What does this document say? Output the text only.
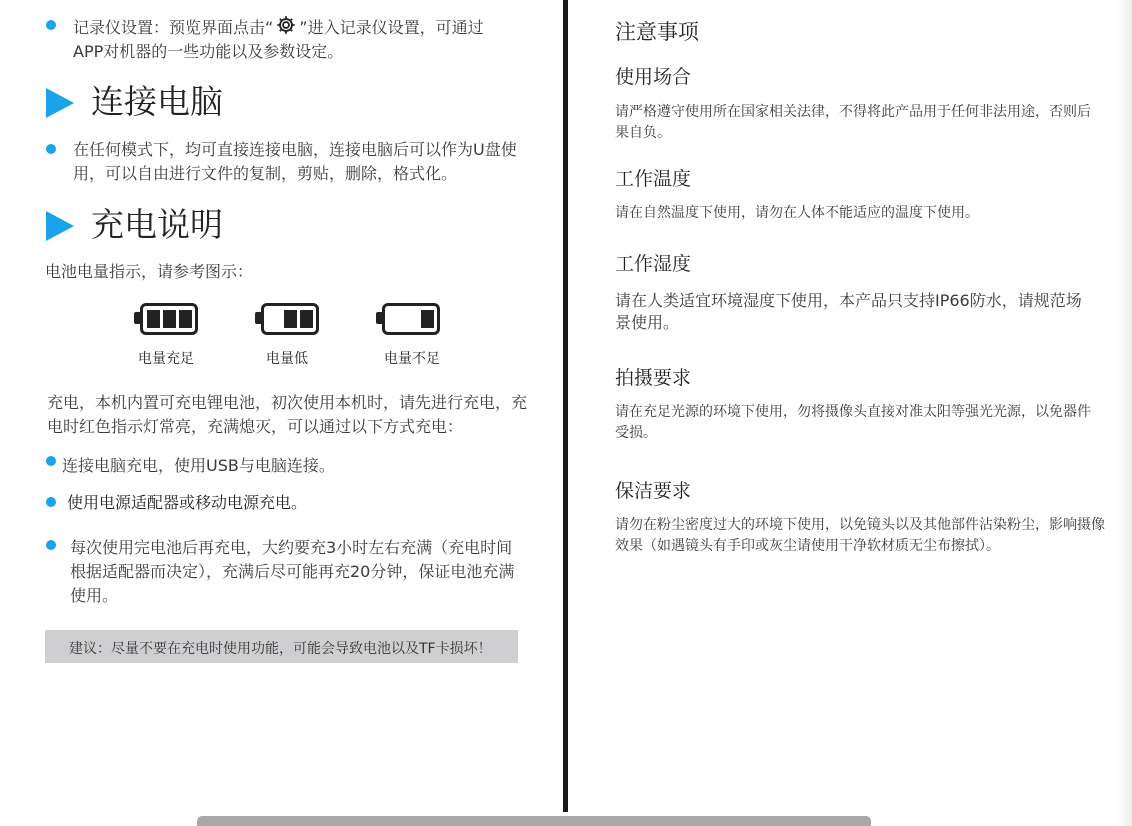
记录仪设置：预览界面点击“ ”进入记录仪设置，可通过
APP对机器的一些功能以及参数设定。
连接电脑
在任何模式下，均可直接连接电脑，连接电脑后可以作为U盘使用，可以自由进行文件的复制，剪贴，删除，格式化。
充电说明
电池电量指示，请参考图示：
电量充足	电量低	电量不足
充电，本机内置可充电锂电池，初次使用本机时，请先进行充电，充电时红色指示灯常亮，充满熄灭，可以通过以下方式充电：
连接电脑充电，使用USB与电脑连接。
使用电源适配器或移动电源充电。
每次使用完电池后再充电，大约要充3小时左右充满（充电时间根据适配器而决定），充满后尽可能再充20分钟，保证电池充满使用。
建议：尽量不要在充电时使用功能，可能会导致电池以及TF卡损坏！
注意事项
使用场合
请严格遵守使用所在国家相关法律，不得将此产品用于任何非法用途，否则后果自负。
工作温度
请在自然温度下使用，请勿在人体不能适应的温度下使用。
工作湿度
请在人类适宜环境湿度下使用，本产品只支持IP66防水，请规范场景使用。
拍摄要求
请在充足光源的环境下使用，勿将摄像头直接对准太阳等强光光源，以免器件受损。
保洁要求
请勿在粉尘密度过大的环境下使用，以免镜头以及其他部件沾染粉尘，影响摄像效果（如遇镜头有手印或灰尘请使用干净软材质无尘布擦拭）。
